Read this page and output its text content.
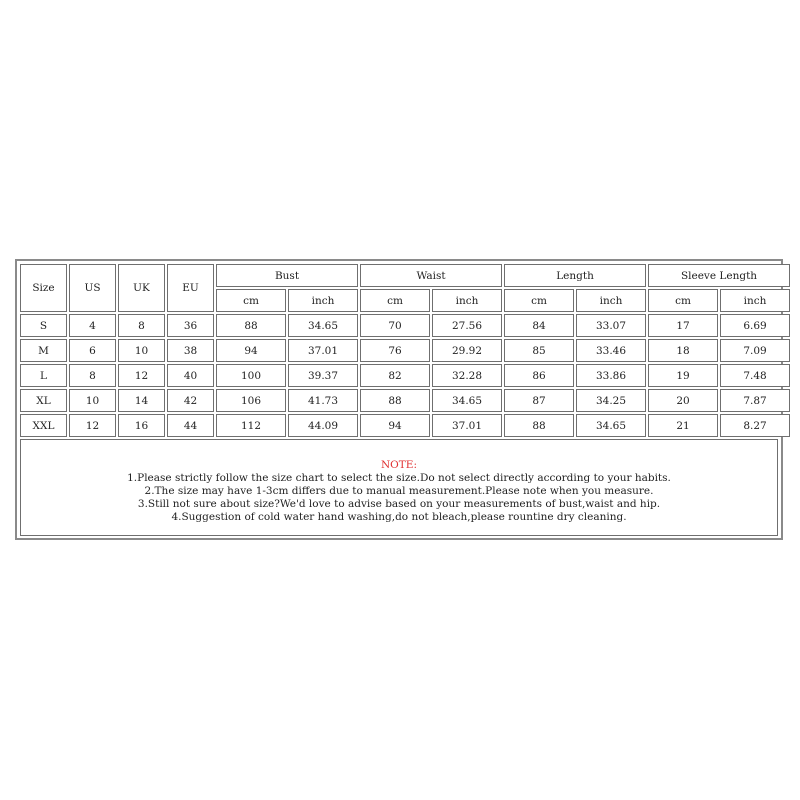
Size	US	UK	EU	Bust		Waist		Length		Sleeve Length	
				cm	inch	cm	inch	cm	inch	cm	inch
S	4	8	36	88	34.65	70	27.56	84	33.07	17	6.69
M	6	10	38	94	37.01	76	29.92	85	33.46	18	7.09
L	8	12	40	100	39.37	82	32.28	86	33.86	19	7.48
XL	10	14	42	106	41.73	88	34.65	87	34.25	20	7.87
XXL	12	16	44	112	44.09	94	37.01	88	34.65	21	8.27
NOTE:
1.Please strictly follow the size chart to select the size.Do not select directly according to your habits.
2.The size may have 1-3cm differs due to manual measurement.Please note when you measure.
3.Still not sure about size?We'd love to advise based on your measurements of bust,waist and hip.
4.Suggestion of cold water hand washing,do not bleach,please rountine dry cleaning.
